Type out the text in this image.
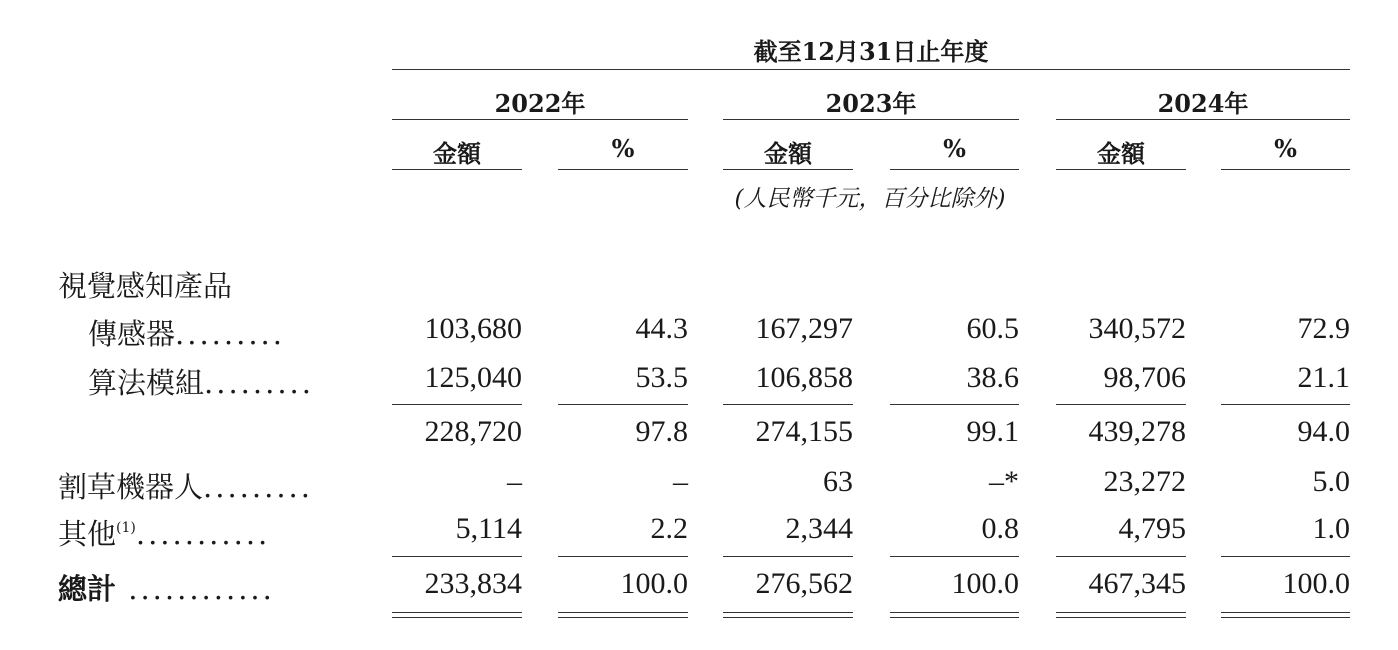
截至12月31日止年度
2022年	2023年	2024年
金額	%	金額	%	金額	%
(人民幣千元，百分比除外)
視覺感知產品
傳感器.........	103,680	44.3	167,297	60.5	340,572	72.9
算法模組.........	125,040	53.5	106,858	38.6	98,706	21.1
228,720	97.8	274,155	99.1	439,278	94.0
割草機器人.........	–	–	63	–*	23,272	5.0
其他$^{(1)}$...........	5,114	2.2	2,344	0.8	4,795	1.0
總計 ............	233,834	100.0	276,562	100.0	467,345	100.0
